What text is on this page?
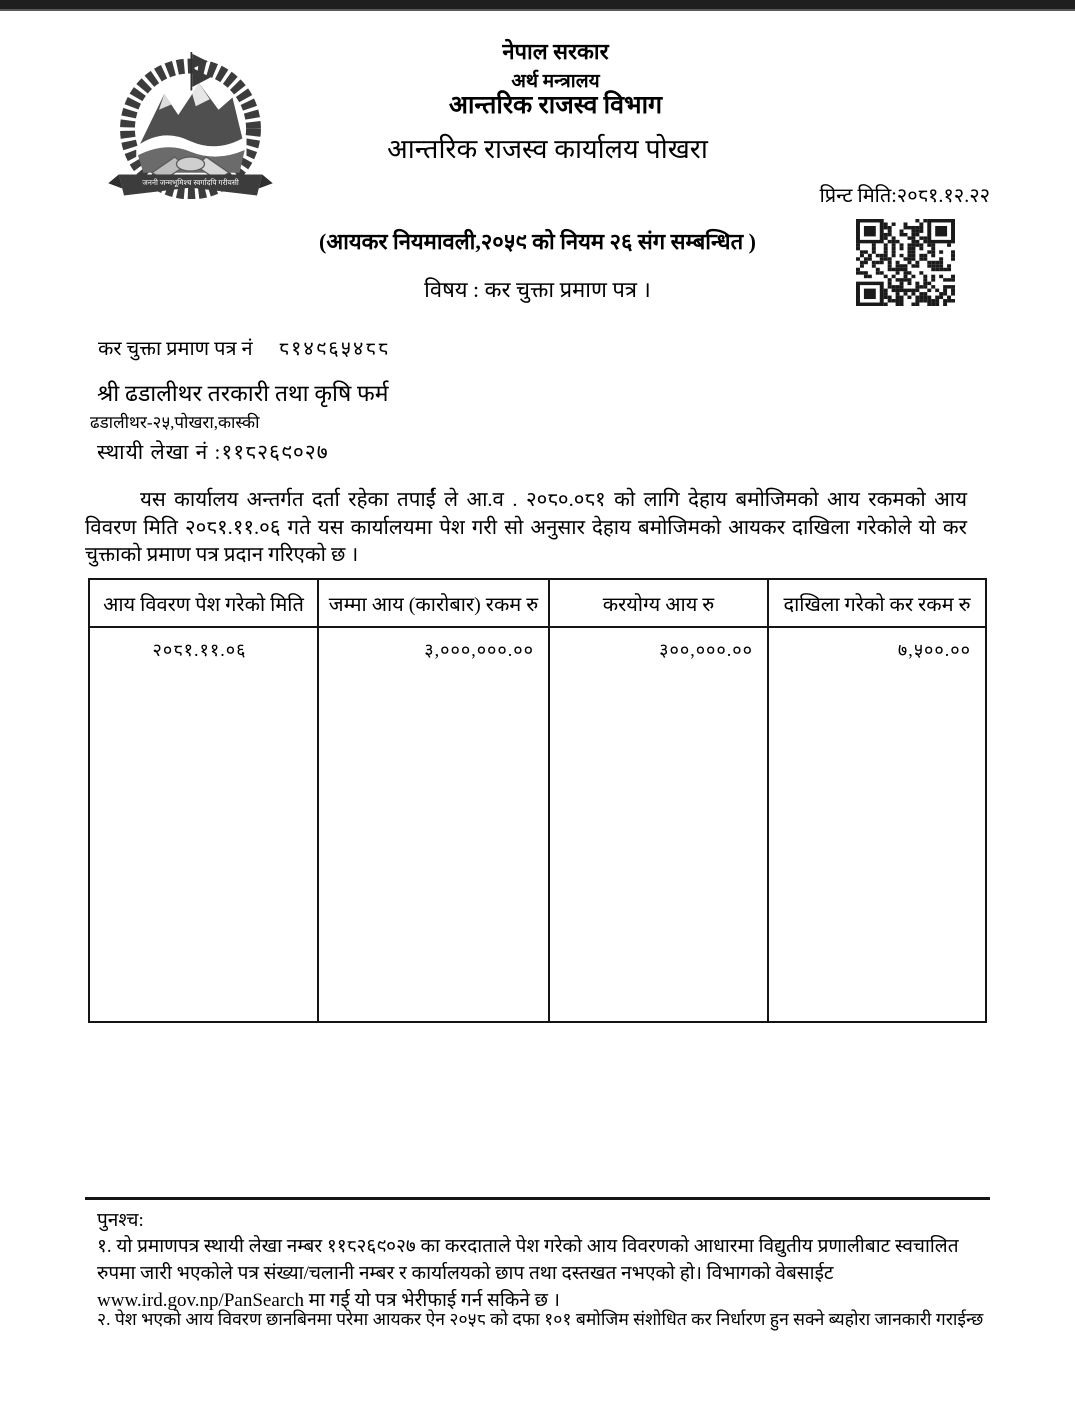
जननी जन्मभूमिश्च स्वर्गादपि गरीयसी
नेपाल सरकार
अर्थ मन्त्रालय
आन्तरिक राजस्व विभाग
आन्तरिक राजस्व कार्यालय पोखरा
प्रिन्ट मिति:२०८१.१२.२२
(आयकर नियमावली,२०५९ को नियम २६ संग सम्बन्धित )
विषय : कर चुक्ता प्रमाण पत्र ।
कर चुक्ता प्रमाण पत्र नं ८१४९६५४८८
श्री ढडालीथर तरकारी तथा कृषि फर्म
ढडालीथर-२५,पोखरा,कास्की
स्थायी लेखा नं :११८२६९०२७
यस कार्यालय अन्तर्गत दर्ता रहेका तपाईं ले आ.व . २०८०.०८१ को लागि देहाय बमोजिमको आय रकमको आय विवरण मिति २०८१.११.०६ गते यस कार्यालयमा पेश गरी सो अनुसार देहाय बमोजिमको आयकर दाखिला गरेकोले यो कर चुक्ताको प्रमाण पत्र प्रदान गरिएको छ ।
आय विवरण पेश गरेको मिति	जम्मा आय (कारोबार) रकम रु	करयोग्य आय रु	दाखिला गरेको कर रकम रु
२०८१.११.०६	३,०००,०००.००	३००,०००.००	७,५००.००
पुनश्च:
१. यो प्रमाणपत्र स्थायी लेखा नम्बर ११८२६९०२७ का करदाताले पेश गरेको आय विवरणको आधारमा विद्युतीय प्रणालीबाट स्वचालित रुपमा जारी भएकोले पत्र संख्या/चलानी नम्बर र कार्यालयको छाप तथा दस्तखत नभएको हो। विभागको वेबसाईट www.ird.gov.np/PanSearch मा गई यो पत्र भेरीफाई गर्न सकिने छ ।
२. पेश भएको आय विवरण छानबिनमा परेमा आयकर ऐन २०५८ को दफा १०१ बमोजिम संशोधित कर निर्धारण हुन सक्ने ब्यहोरा जानकारी गराईन्छ
